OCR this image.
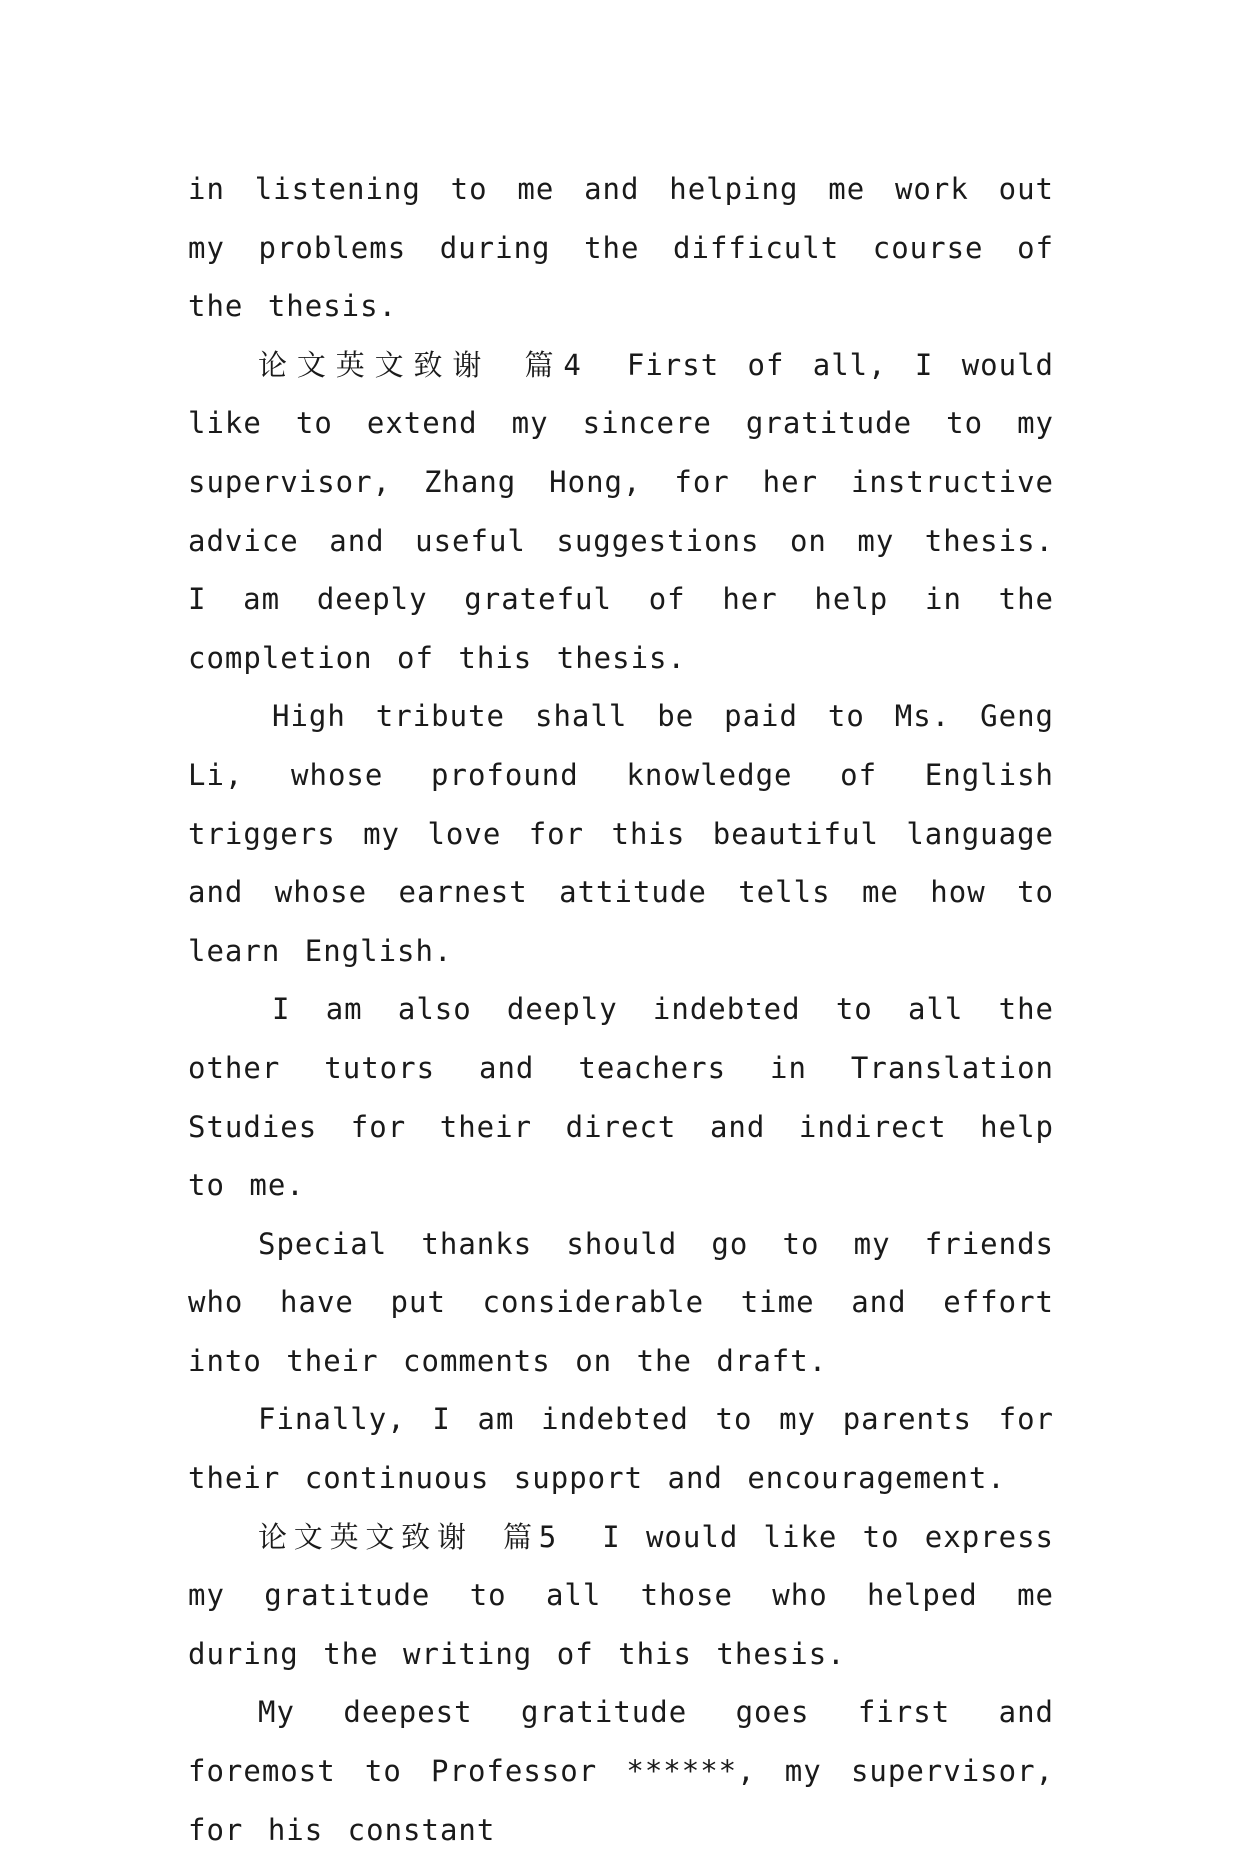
in listening to me and helping me work out my problems during the difficult course of the thesis.

论文英文致谢 篇4 First of all, I would like to extend my sincere gratitude to my supervisor, Zhang Hong, for her instructive advice and useful suggestions on my thesis. I am deeply grateful of her help in the completion of this thesis.

High tribute shall be paid to Ms. Geng Li, whose profound knowledge of English triggers my love for this beautiful language and whose earnest attitude tells me how to learn English.

I am also deeply indebted to all the other tutors and teachers in Translation Studies for their direct and indirect help to me.

Special thanks should go to my friends who have put considerable time and effort into their comments on the draft.

Finally, I am indebted to my parents for their continuous support and encouragement.

论文英文致谢 篇5 I would like to express my gratitude to all those who helped me during the writing of this thesis.

My deepest gratitude goes first and foremost to Professor ******, my supervisor, for his constant
